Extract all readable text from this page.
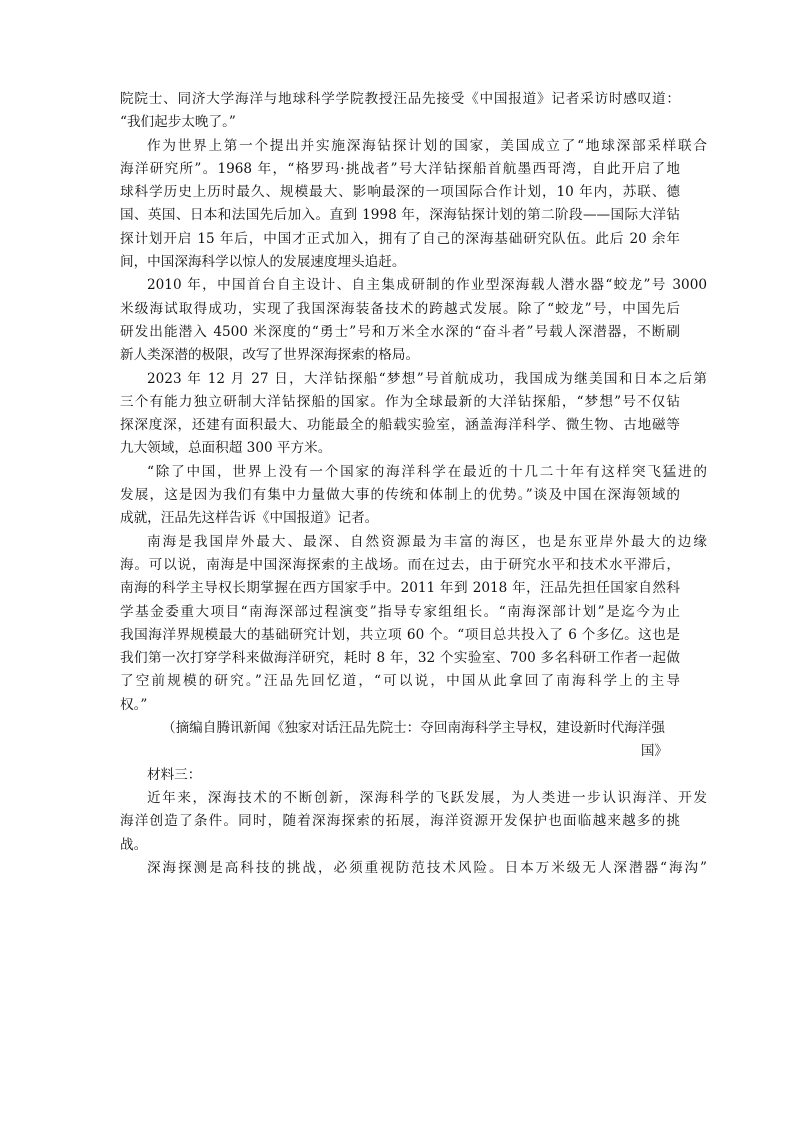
院院士、同济大学海洋与地球科学学院教授汪品先接受《中国报道》记者采访时感叹道：
“我们起步太晚了。”
作为世界上第一个提出并实施深海钻探计划的国家，美国成立了“地球深部采样联合
海洋研究所”。1968 年，“格罗玛·挑战者”号大洋钻探船首航墨西哥湾，自此开启了地
球科学历史上历时最久、规模最大、影响最深的一项国际合作计划，10 年内，苏联、德
国、英国、日本和法国先后加入。直到 1998 年，深海钻探计划的第二阶段——国际大洋钻
探计划开启 15 年后，中国才正式加入，拥有了自己的深海基础研究队伍。此后 20 余年
间，中国深海科学以惊人的发展速度埋头追赶。
2010 年，中国首台自主设计、自主集成研制的作业型深海载人潜水器“蛟龙”号 3000
米级海试取得成功，实现了我国深海装备技术的跨越式发展。除了“蛟龙”号，中国先后
研发出能潜入 4500 米深度的“勇士”号和万米全水深的“奋斗者”号载人深潜器，不断刷
新人类深潜的极限，改写了世界深海探索的格局。
2023 年 12 月 27 日，大洋钻探船“梦想”号首航成功，我国成为继美国和日本之后第
三个有能力独立研制大洋钻探船的国家。作为全球最新的大洋钻探船，“梦想”号不仅钻
探深度深，还建有面积最大、功能最全的船载实验室，涵盖海洋科学、微生物、古地磁等
九大领域，总面积超 300 平方米。
“除了中国，世界上没有一个国家的海洋科学在最近的十几二十年有这样突飞猛进的
发展，这是因为我们有集中力量做大事的传统和体制上的优势。”谈及中国在深海领域的
成就，汪品先这样告诉《中国报道》记者。
南海是我国岸外最大、最深、自然资源最为丰富的海区，也是东亚岸外最大的边缘
海。可以说，南海是中国深海探索的主战场。而在过去，由于研究水平和技术水平滞后，
南海的科学主导权长期掌握在西方国家手中。2011 年到 2018 年，汪品先担任国家自然科
学基金委重大项目“南海深部过程演变”指导专家组组长。“南海深部计划”是迄今为止
我国海洋界规模最大的基础研究计划，共立项 60 个。“项目总共投入了 6 个多亿。这也是
我们第一次打穿学科来做海洋研究，耗时 8 年，32 个实验室、700 多名科研工作者一起做
了空前规模的研究。”汪品先回忆道，“可以说，中国从此拿回了南海科学上的主导
权。”
（摘编自腾讯新闻《独家对话汪品先院士：夺回南海科学主导权，建设新时代海洋强
国》
材料三：
近年来，深海技术的不断创新，深海科学的飞跃发展，为人类进一步认识海洋、开发
海洋创造了条件。同时，随着深海探索的拓展，海洋资源开发保护也面临越来越多的挑
战。
深海探测是高科技的挑战，必须重视防范技术风险。日本万米级无人深潜器“海沟”
